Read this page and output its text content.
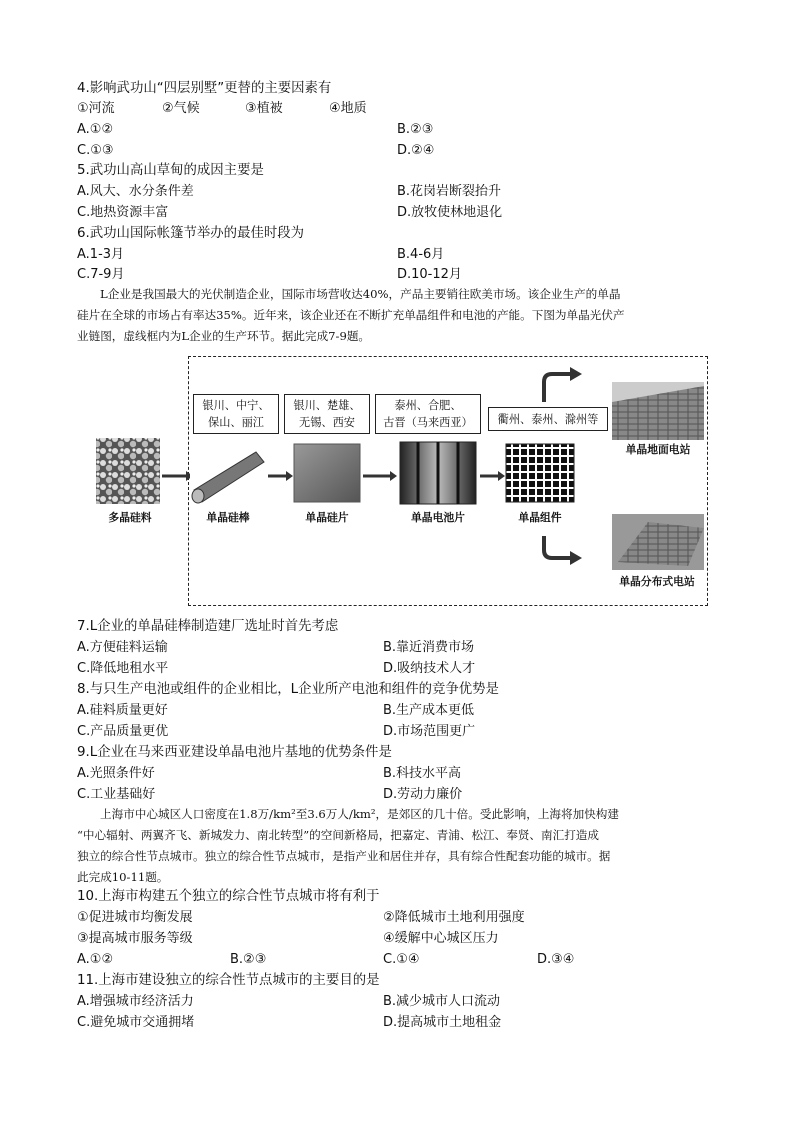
4.影响武功山“四层别墅”更替的主要因素有
①河流	②气候	③植被	④地质
A.①②	B.②③
C.①③	D.②④
5.武功山高山草甸的成因主要是
A.风大、水分条件差	B.花岗岩断裂抬升
C.地热资源丰富	D.放牧使林地退化
6.武功山国际帐篷节举办的最佳时段为
A.1-3月	B.4-6月
C.7-9月	D.10-12月
L企业是我国最大的光伏制造企业，国际市场营收达40%，产品主要销往欧美市场。该企业生产的单晶
硅片在全球的市场占有率达35%。近年来，该企业还在不断扩充单晶组件和电池的产能。下图为单晶光伏产
业链图，虚线框内为L企业的生产环节。据此完成7-9题。
银川、中宁、
保山、丽江
银川、楚雄、
无锡、西安
泰州、合肥、
古晋（马来西亚） 衢州、泰州、滁州等
多晶硅料	单晶硅棒	单晶硅片	单晶电池片	单晶组件
单晶地面电站
单晶分布式电站
7.L企业的单晶硅棒制造建厂选址时首先考虑
A.方便硅料运输	B.靠近消费市场
C.降低地租水平	D.吸纳技术人才
8.与只生产电池或组件的企业相比，L企业所产电池和组件的竞争优势是
A.硅料质量更好	B.生产成本更低
C.产品质量更优	D.市场范围更广
9.L企业在马来西亚建设单晶电池片基地的优势条件是
A.光照条件好	B.科技水平高
C.工业基础好	D.劳动力廉价
上海市中心城区人口密度在1.8万/km²至3.6万人/km²，是郊区的几十倍。受此影响，上海将加快构建
“中心辐射、两翼齐飞、新城发力、南北转型”的空间新格局，把嘉定、青浦、松江、奉贤、南汇打造成
独立的综合性节点城市。独立的综合性节点城市，是指产业和居住并存，具有综合性配套功能的城市。据
此完成10-11题。
10.上海市构建五个独立的综合性节点城市将有利于
①促进城市均衡发展	②降低城市土地利用强度
③提高城市服务等级	④缓解中心城区压力
A.①②	B.②③	C.①④	D.③④
11.上海市建设独立的综合性节点城市的主要目的是
A.增强城市经济活力	B.减少城市人口流动
C.避免城市交通拥堵	D.提高城市土地租金
